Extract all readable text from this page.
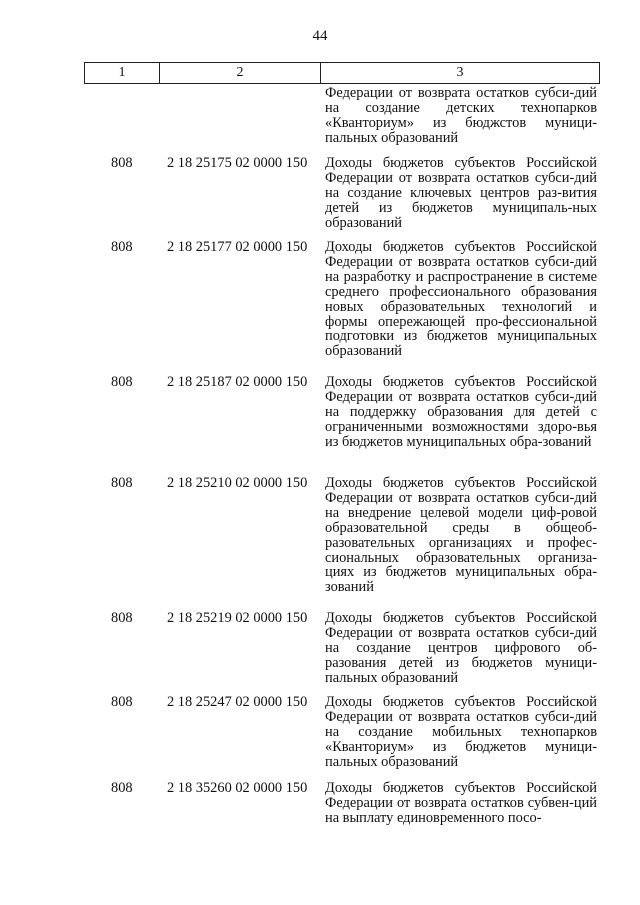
44
1	2	3
Федерации от возврата остатков субси-дий на создание детских технопарков «Кванториум» из бюджстов муници-пальных образований
808 2 18 25175 02 0000 150 Доходы бюджетов субъектов Российской Федерации от возврата остатков субси-дий на создание ключевых центров раз-вития детей из бюджетов муниципаль-ных образований
808 2 18 25177 02 0000 150 Доходы бюджетов субъектов Российской Федерации от возврата остатков субси-дий на разработку и распространение в системе среднего профессионального образования новых образовательных технологий и формы опережающей про-фессиональной подготовки из бюджетов муниципальных образований
808 2 18 25187 02 0000 150 Доходы бюджетов субъектов Российской Федерации от возврата остатков субси-дий на поддержку образования для детей с ограниченными возможностями здоро-вья из бюджетов муниципальных обра-зований
808 2 18 25210 02 0000 150 Доходы бюджетов субъектов Российской Федерации от возврата остатков субси-дий на внедрение целевой модели циф-ровой образовательной среды в общеоб-разовательных организациях и профес-сиональных образовательных организа-циях из бюджетов муниципальных обра-зований
808 2 18 25219 02 0000 150 Доходы бюджетов субъектов Российской Федерации от возврата остатков субси-дий на создание центров цифрового об-разования детей из бюджетов муници-пальных образований
808 2 18 25247 02 0000 150 Доходы бюджетов субъектов Российской Федерации от возврата остатков субси-дий на создание мобильных технопарков «Кванториум» из бюджетов муници-пальных образований
808 2 18 35260 02 0000 150 Доходы бюджетов субъектов Российской Федерации от возврата остатков субвен-ций на выплату единовременного посо-
